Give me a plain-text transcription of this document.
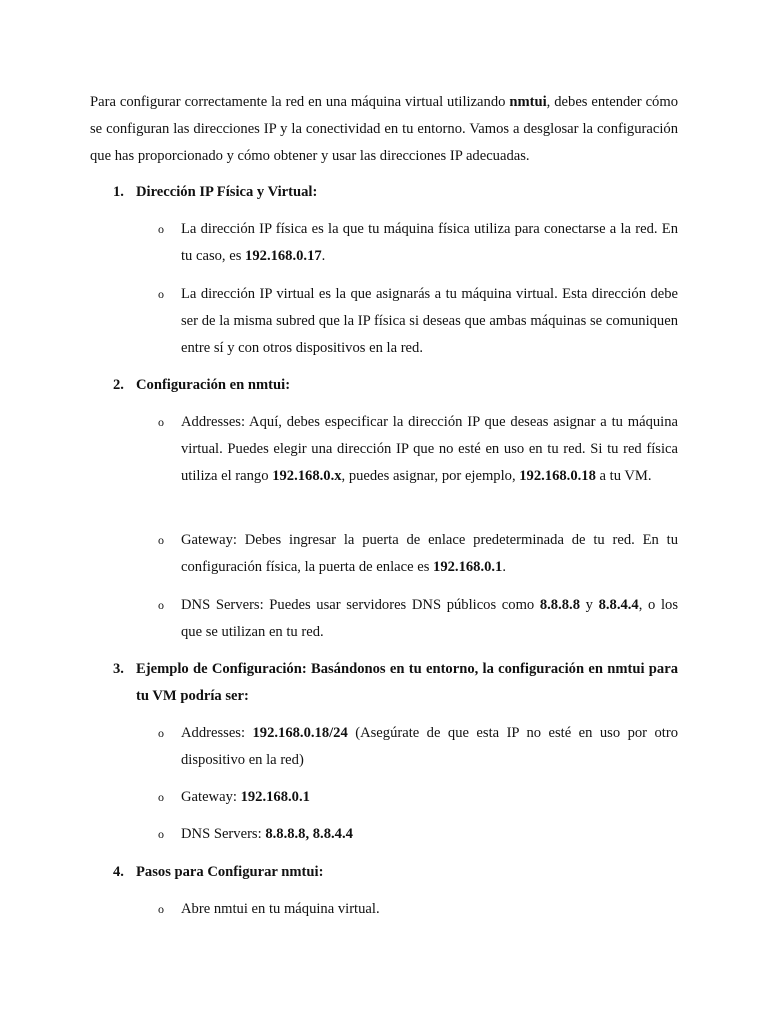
Para configurar correctamente la red en una máquina virtual utilizando nmtui, debes entender cómo se configuran las direcciones IP y la conectividad en tu entorno. Vamos a desglosar la configuración que has proporcionado y cómo obtener y usar las direcciones IP adecuadas.

1. Dirección IP Física y Virtual:
o	La dirección IP física es la que tu máquina física utiliza para conectarse a la red. En tu caso, es 192.168.0.17.
o	La dirección IP virtual es la que asignarás a tu máquina virtual. Esta dirección debe ser de la misma subred que la IP física si deseas que ambas máquinas se comuniquen entre sí y con otros dispositivos en la red.
2. Configuración en nmtui:
o	Addresses: Aquí, debes especificar la dirección IP que deseas asignar a tu máquina virtual. Puedes elegir una dirección IP que no esté en uso en tu red. Si tu red física utiliza el rango 192.168.0.x, puedes asignar, por ejemplo, 192.168.0.18 a tu VM.
o	Gateway: Debes ingresar la puerta de enlace predeterminada de tu red. En tu configuración física, la puerta de enlace es 192.168.0.1.
o	DNS Servers: Puedes usar servidores DNS públicos como 8.8.8.8 y 8.8.4.4, o los que se utilizan en tu red.
3. Ejemplo de Configuración: Basándonos en tu entorno, la configuración en nmtui para tu VM podría ser:
o	Addresses: 192.168.0.18/24 (Asegúrate de que esta IP no esté en uso por otro dispositivo en la red)
o	Gateway: 192.168.0.1
o	DNS Servers: 8.8.8.8, 8.8.4.4
4. Pasos para Configurar nmtui:
o	Abre nmtui en tu máquina virtual.
